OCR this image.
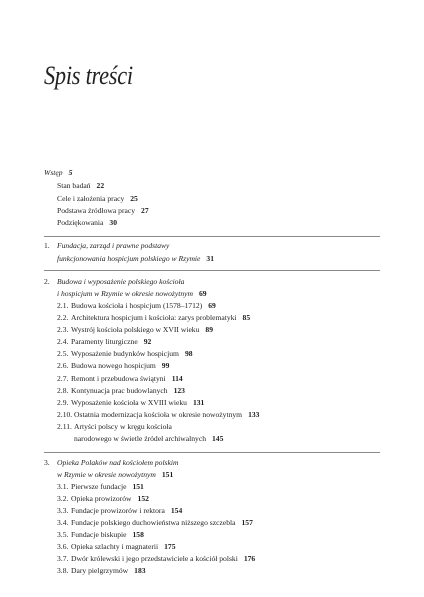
Spis treści
Wstęp 5
Stan badań 22
Cele i założenia pracy 25
Podstawa źródłowa pracy 27
Podziękowania 30
1. Fundacja, zarząd i prawne podstawy
funkcjonowania hospicjum polskiego w Rzymie 31
2. Budowa i wyposażenie polskiego kościoła
i hospicjum w Rzymie w okresie nowożytnym 69
2.1. Budowa kościoła i hospicjum (1578–1712) 69
2.2. Architektura hospicjum i kościoła: zarys problematyki 85
2.3. Wystrój kościoła polskiego w XVII wieku 89
2.4. Paramenty liturgiczne 92
2.5. Wyposażenie budynków hospicjum 98
2.6. Budowa nowego hospicjum 99
2.7. Remont i przebudowa świątyni 114
2.8. Kontynuacja prac budowlanych 123
2.9. Wyposażenie kościoła w XVIII wieku 131
2.10. Ostatnia modernizacja kościoła w okresie nowożytnym 133
2.11. Artyści polscy w kręgu kościoła
narodowego w świetle źródeł archiwalnych 145
3. Opieka Polaków nad kościołem polskim
w Rzymie w okresie nowożytnym 151
3.1. Pierwsze fundacje 151
3.2. Opieka prowizorów 152
3.3. Fundacje prowizorów i rektora 154
3.4. Fundacje polskiego duchowieństwa niższego szczebla 157
3.5. Fundacje biskupie 158
3.6. Opieka szlachty i magnaterii 175
3.7. Dwór królewski i jego przedstawiciele a kościół polski 176
3.8. Dary pielgrzymów 183
